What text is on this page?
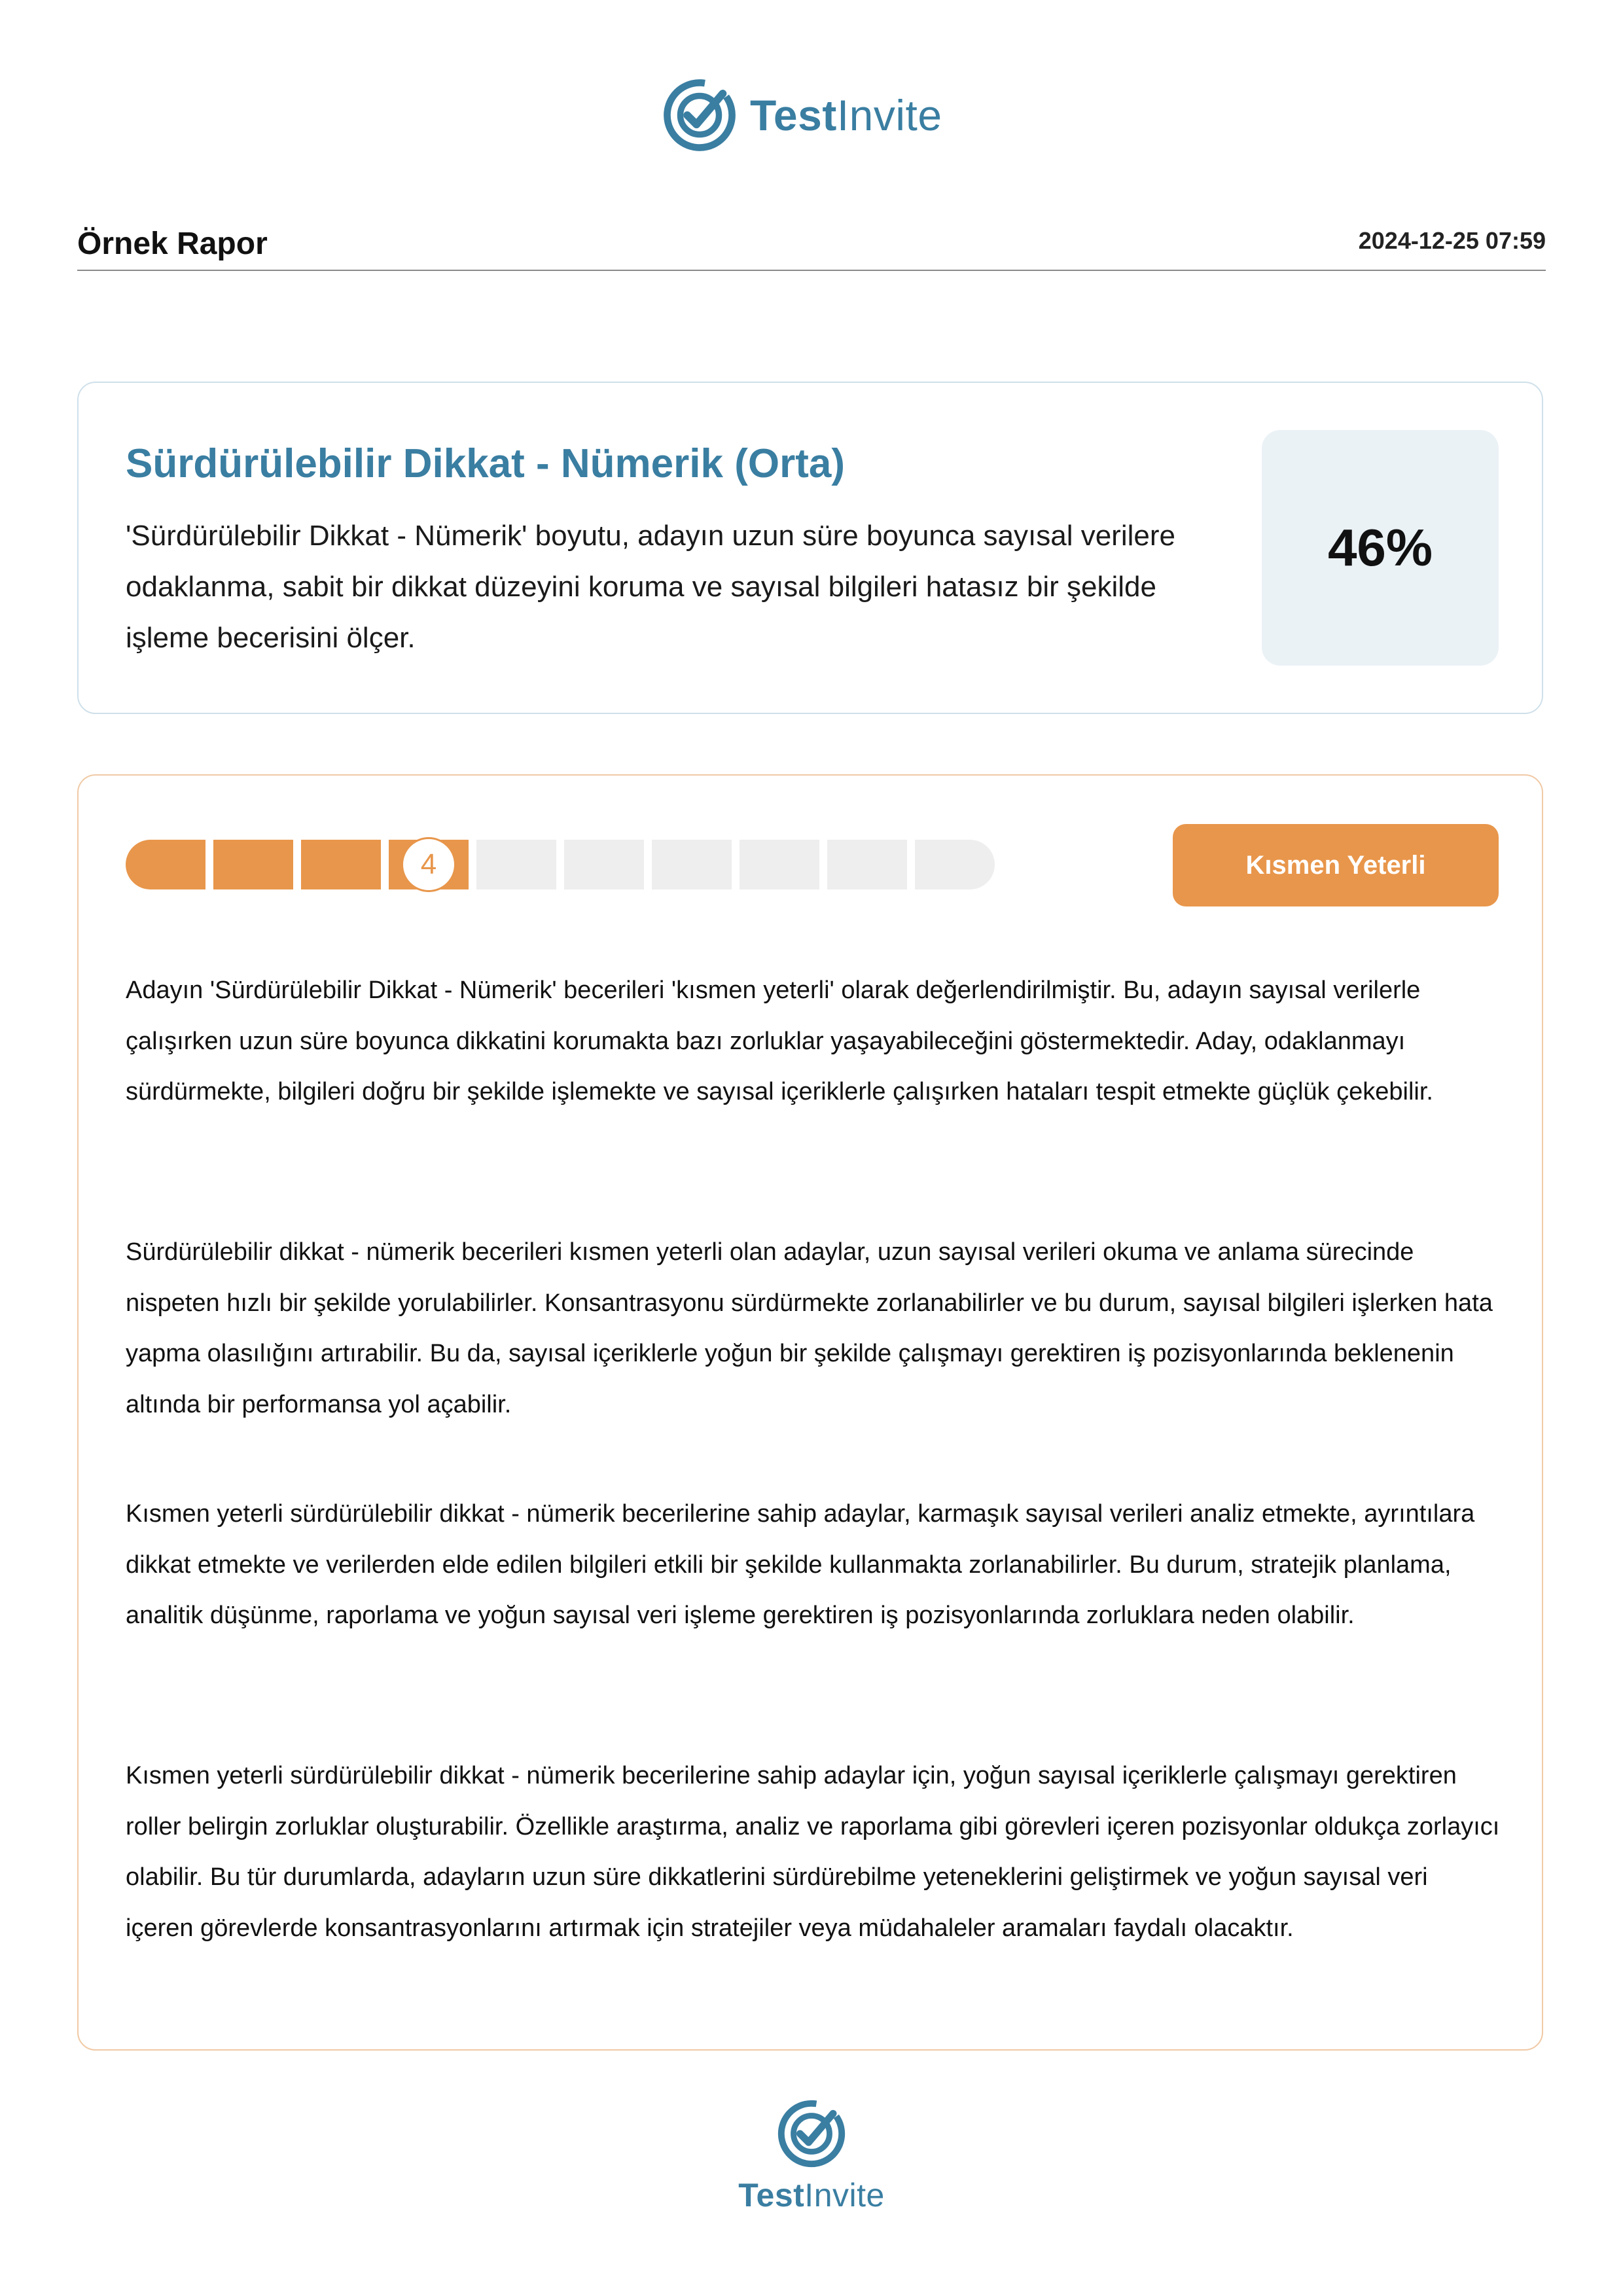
TestInvite
Örnek Rapor	2024-12-25 07:59
Sürdürülebilir Dikkat - Nümerik (Orta)
'Sürdürülebilir Dikkat - Nümerik' boyutu, adayın uzun süre boyunca sayısal verilere odaklanma, sabit bir dikkat düzeyini koruma ve sayısal bilgileri hatasız bir şekilde işleme becerisini ölçer.
46%
4	Kısmen Yeterli
Adayın 'Sürdürülebilir Dikkat - Nümerik' becerileri 'kısmen yeterli' olarak değerlendirilmiştir. Bu, adayın sayısal verilerle çalışırken uzun süre boyunca dikkatini korumakta bazı zorluklar yaşayabileceğini göstermektedir. Aday, odaklanmayı sürdürmekte, bilgileri doğru bir şekilde işlemekte ve sayısal içeriklerle çalışırken hataları tespit etmekte güçlük çekebilir.
Sürdürülebilir dikkat - nümerik becerileri kısmen yeterli olan adaylar, uzun sayısal verileri okuma ve anlama sürecinde nispeten hızlı bir şekilde yorulabilirler. Konsantrasyonu sürdürmekte zorlanabilirler ve bu durum, sayısal bilgileri işlerken hata yapma olasılığını artırabilir. Bu da, sayısal içeriklerle yoğun bir şekilde çalışmayı gerektiren iş pozisyonlarında beklenenin altında bir performansa yol açabilir.
Kısmen yeterli sürdürülebilir dikkat - nümerik becerilerine sahip adaylar, karmaşık sayısal verileri analiz etmekte, ayrıntılara dikkat etmekte ve verilerden elde edilen bilgileri etkili bir şekilde kullanmakta zorlanabilirler. Bu durum, stratejik planlama, analitik düşünme, raporlama ve yoğun sayısal veri işleme gerektiren iş pozisyonlarında zorluklara neden olabilir.
Kısmen yeterli sürdürülebilir dikkat - nümerik becerilerine sahip adaylar için, yoğun sayısal içeriklerle çalışmayı gerektiren roller belirgin zorluklar oluşturabilir. Özellikle araştırma, analiz ve raporlama gibi görevleri içeren pozisyonlar oldukça zorlayıcı olabilir. Bu tür durumlarda, adayların uzun süre dikkatlerini sürdürebilme yeteneklerini geliştirmek ve yoğun sayısal veri içeren görevlerde konsantrasyonlarını artırmak için stratejiler veya müdahaleler aramaları faydalı olacaktır.
TestInvite
